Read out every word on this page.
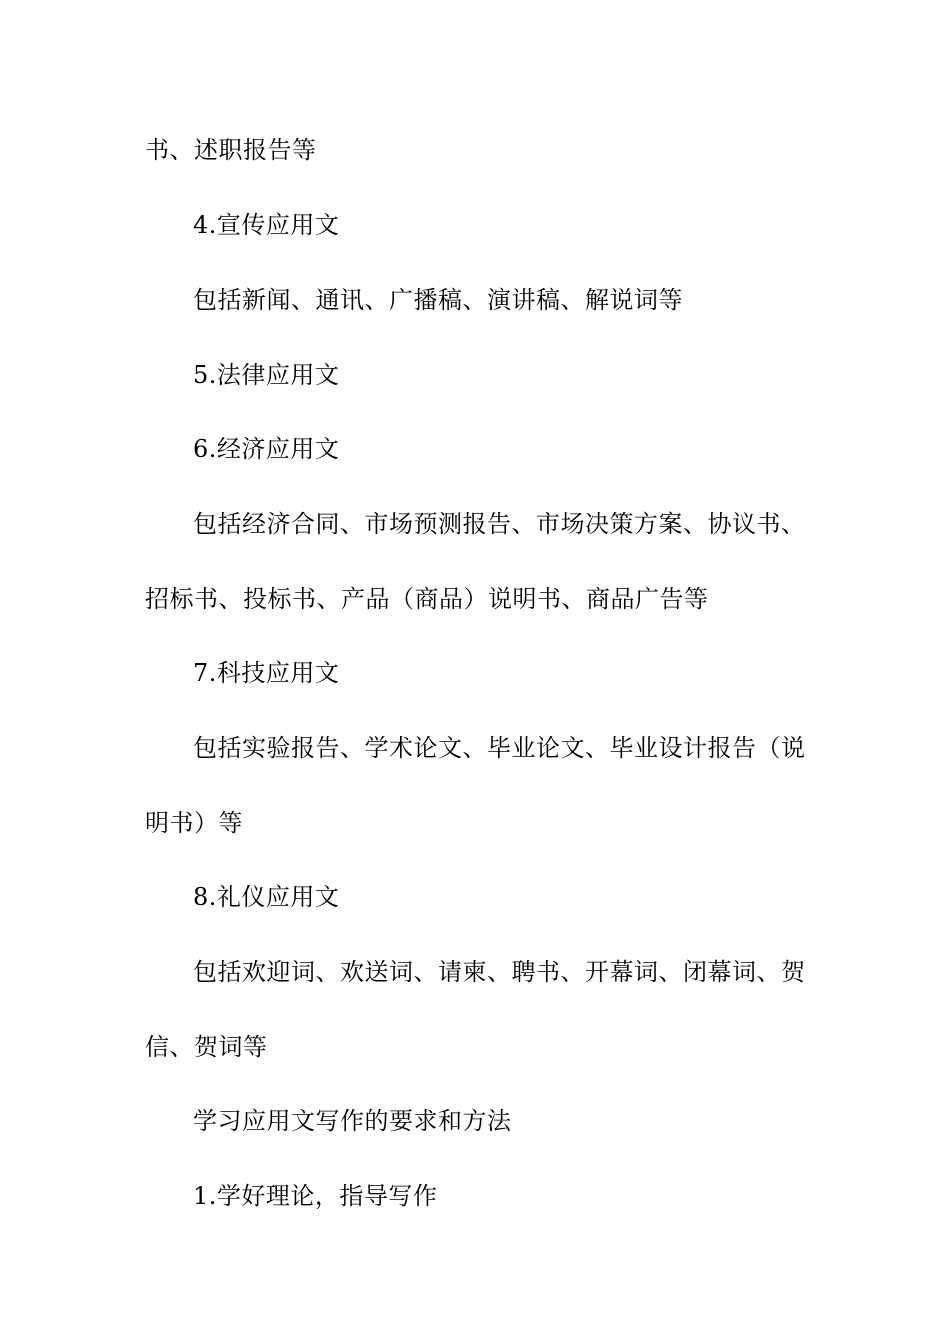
书、述职报告等
4.宣传应用文
包括新闻、通讯、广播稿、演讲稿、解说词等
5.法律应用文
6.经济应用文
包括经济合同、市场预测报告、市场决策方案、协议书、
招标书、投标书、产品（商品）说明书、商品广告等
7.科技应用文
包括实验报告、学术论文、毕业论文、毕业设计报告（说
明书）等
8.礼仪应用文
包括欢迎词、欢送词、请柬、聘书、开幕词、闭幕词、贺
信、贺词等
学习应用文写作的要求和方法
1.学好理论，指导写作
